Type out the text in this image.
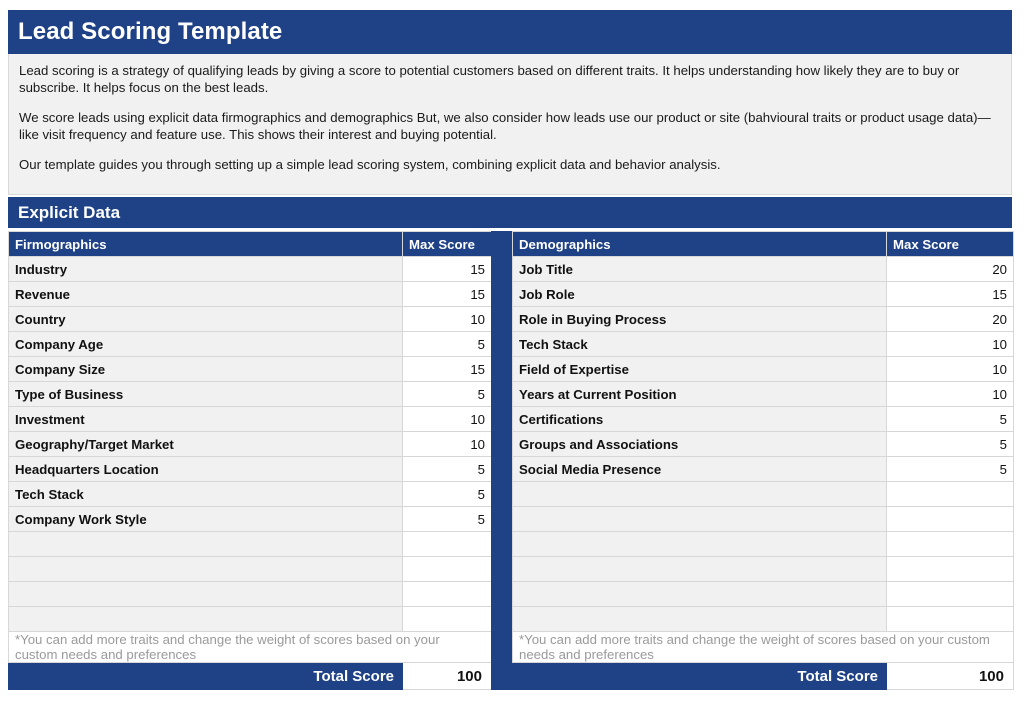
Lead Scoring Template

Lead scoring is a strategy of qualifying leads by giving a score to potential customers based on different traits. It helps understanding how likely they are to buy or subscribe. It helps focus on the best leads.

We score leads using explicit data firmographics and demographics But, we also consider how leads use our product or site (bahvioural traits or product usage data)—like visit frequency and feature use. This shows their interest and buying potential.

Our template guides you through setting up a simple lead scoring system, combining explicit data and behavior analysis.

Explicit Data
Firmographics	Max Score
Industry	15
Revenue	15
Country	10
Company Age	5
Company Size	15
Type of Business	5
Investment	10
Geography/Target Market	10
Headquarters Location	5
Tech Stack	5
Company Work Style	5

*You can add more traits and change the weight of scores based on your custom needs and preferences	
Total Score	100
Demographics	Max Score
Job Title	20
Job Role	15
Role in Buying Process	20
Tech Stack	10
Field of Expertise	10
Years at Current Position	10
Certifications	5
Groups and Associations	5
Social Media Presence	5

*You can add more traits and change the weight of scores based on your custom needs and preferences	
Total Score	100
